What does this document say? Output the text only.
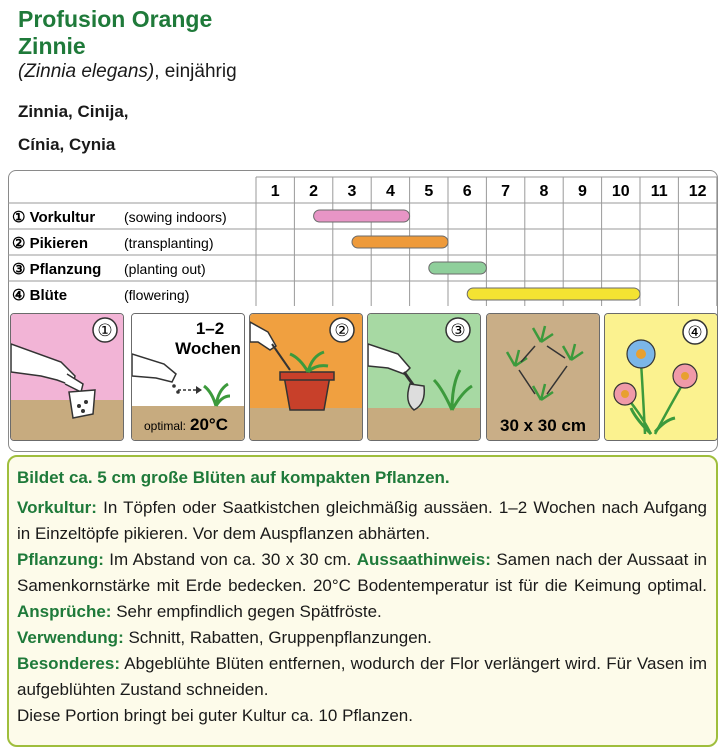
Profusion Orange
Zinnie
(Zinnia elegans), einjährig
Zinnia, Cinija,
Cínia, Cynia
1 2 3 4 5 6 7 8 9 10 11 12
① Vorkultur (sowing indoors)
② Pikieren	(transplanting)
③ Pflanzung (planting out)
④ Blüte	(flowering)
①	1–2
Wochen
optimal: 20°C
②	③
30 x 30 cm
④

Bildet ca. 5 cm große Blüten auf kompakten Pflanzen.

Vorkultur: In Töpfen oder Saatkistchen gleichmäßig aussäen. 1–2 Wochen nach Aufgang in Einzeltöpfe pikieren. Vor dem Auspflanzen abhärten.

Pflanzung: Im Abstand von ca. 30 x 30 cm. Aussaathinweis: Samen nach der Aussaat in Samenkornstärke mit Erde bedecken. 20°C Bodentemperatur ist für die Keimung optimal. Ansprüche: Sehr empfindlich gegen Spätfröste.

Verwendung: Schnitt, Rabatten, Gruppenpflanzungen.

Besonderes: Abgeblühte Blüten entfernen, wodurch der Flor verlängert wird. Für Vasen im aufgeblühten Zustand schneiden.

Diese Portion bringt bei guter Kultur ca. 10 Pflanzen.
